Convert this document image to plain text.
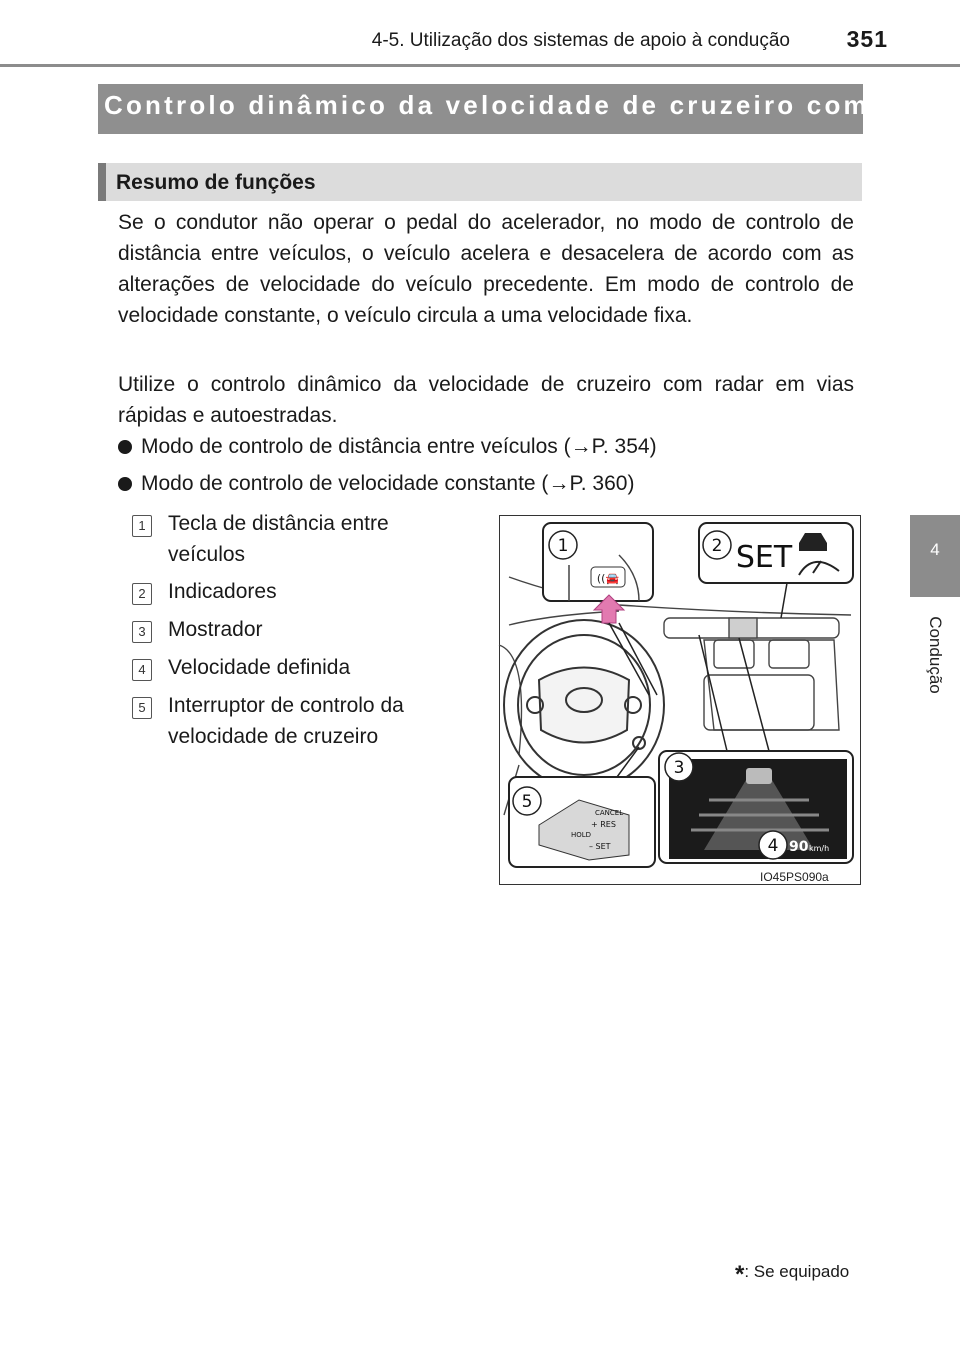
4-5. Utilização dos sistemas de apoio à condução	351
4
Condução
Controlo dinâmico da velocidade de cruzeiro com radar*
Resumo de funções
Se o condutor não operar o pedal do acelerador, no modo de controlo de distância entre veículos, o veículo acelera e desacelera de acordo com as alterações de velocidade do veículo precedente. Em modo de controlo de velocidade constante, o veículo circula a uma velocidade fixa.
Utilize o controlo dinâmico da velocidade de cruzeiro com radar em vias rápidas e autoestradas.
Modo de controlo de distância entre veículos (→P. 354)
Modo de controlo de velocidade constante (→P. 360)
1	Tecla de distância entre veículos
2	Indicadores
3	Mostrador
4	Velocidade definida
5	Interruptor de controlo da velocidade de cruzeiro
((🚘
SET
90 km/h
CANCEL
+ RES
HOLD
– SET
1	2
3
4
5
IO45PS090a
*: Se equipado
